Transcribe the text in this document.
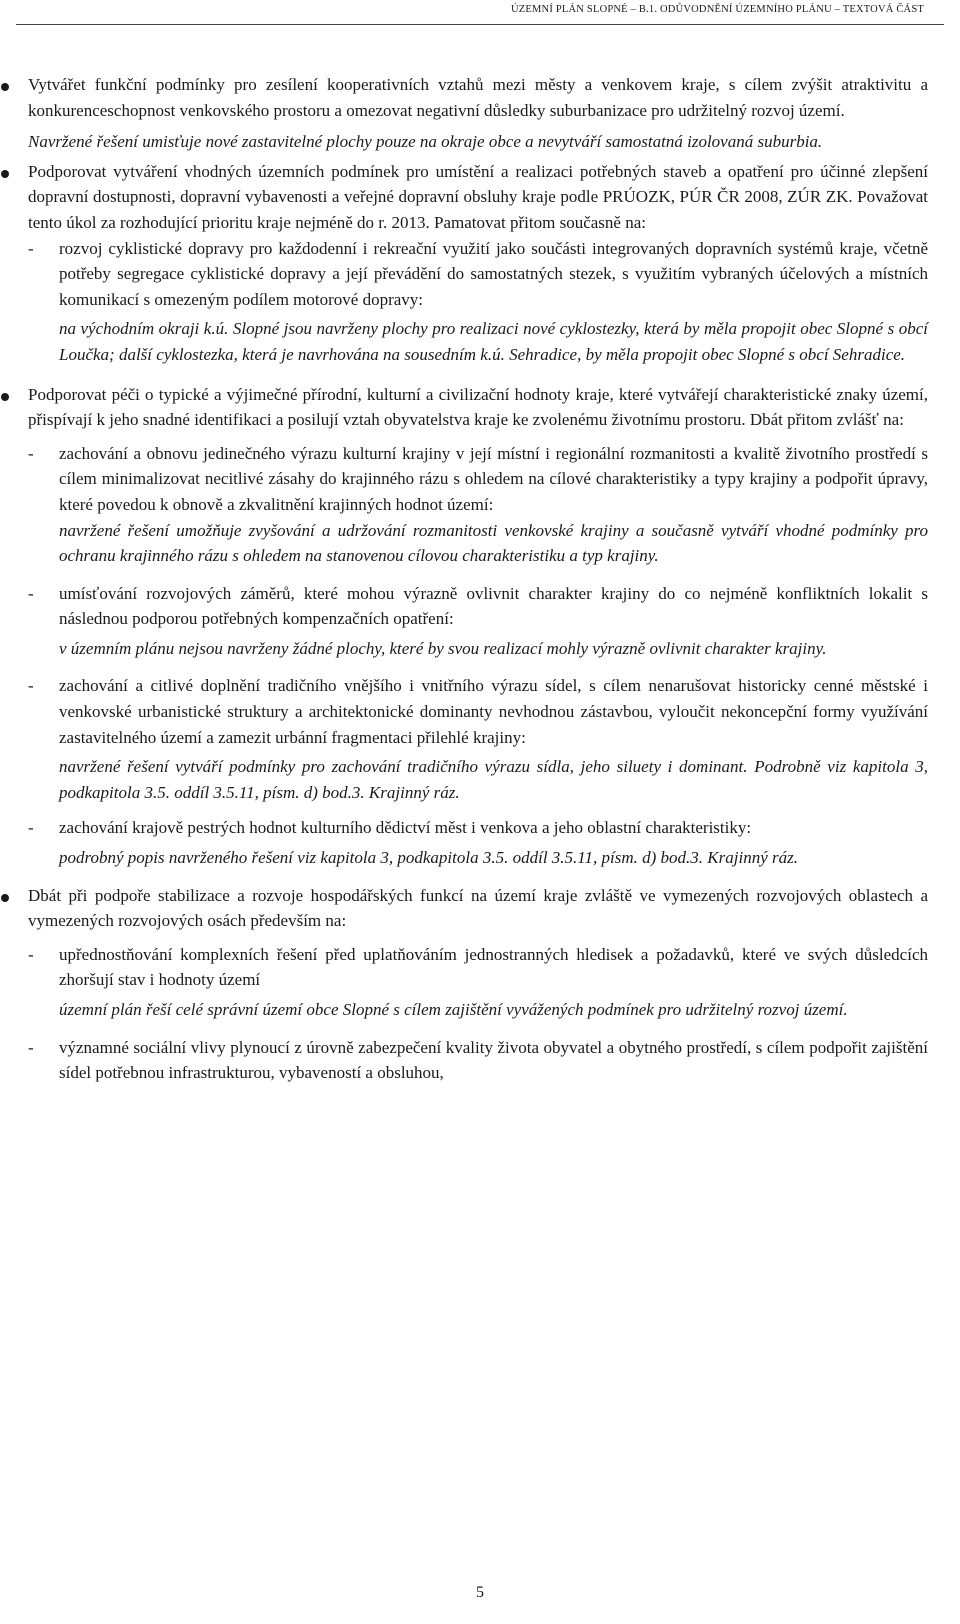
ÚZEMNÍ PLÁN SLOPNÉ – B.1. ODŮVODNĚNÍ ÚZEMNÍHO PLÁNU – TEXTOVÁ ČÁST

Vytvářet funkční podmínky pro zesílení kooperativních vztahů mezi městy a venkovem kraje, s cílem zvýšit atraktivitu a konkurenceschopnost venkovského prostoru a omezovat negativní důsledky suburbanizace pro udržitelný rozvoj území.

Navržené řešení umisťuje nové zastavitelné plochy pouze na okraje obce a nevytváří samostatná izolovaná suburbia.

Podporovat vytváření vhodných územních podmínek pro umístění a realizaci potřebných staveb a opatření pro účinné zlepšení dopravní dostupnosti, dopravní vybavenosti a veřejné dopravní obsluhy kraje podle PRÚOZK, PÚR ČR 2008, ZÚR ZK. Považovat tento úkol za rozhodující prioritu kraje nejméně do r. 2013. Pamatovat přitom současně na:

- rozvoj cyklistické dopravy pro každodenní i rekreační využití jako součásti integrovaných dopravních systémů kraje, včetně potřeby segregace cyklistické dopravy a její převádění do samostatných stezek, s využitím vybraných účelových a místních komunikací s omezeným podílem motorové dopravy:

na východním okraji k.ú. Slopné jsou navrženy plochy pro realizaci nové cyklostezky, která by měla propojit obec Slopné s obcí Loučka; další cyklostezka, která je navrhována na sousedním k.ú. Sehradice, by měla propojit obec Slopné s obcí Sehradice.

Podporovat péči o typické a výjimečné přírodní, kulturní a civilizační hodnoty kraje, které vytvářejí charakteristické znaky území, přispívají k jeho snadné identifikaci a posilují vztah obyvatelstva kraje ke zvolenému životnímu prostoru. Dbát přitom zvlášť na:

- zachování a obnovu jedinečného výrazu kulturní krajiny v její místní i regionální rozmanitosti a kvalitě životního prostředí s cílem minimalizovat necitlivé zásahy do krajinného rázu s ohledem na cílové charakteristiky a typy krajiny a podpořit úpravy, které povedou k obnově a zkvalitnění krajinných hodnot území:

navržené řešení umožňuje zvyšování a udržování rozmanitosti venkovské krajiny a současně vytváří vhodné podmínky pro ochranu krajinného rázu s ohledem na stanovenou cílovou charakteristiku a typ krajiny.

- umísťování rozvojových záměrů, které mohou výrazně ovlivnit charakter krajiny do co nejméně konfliktních lokalit s následnou podporou potřebných kompenzačních opatření:

v územním plánu nejsou navrženy žádné plochy, které by svou realizací mohly výrazně ovlivnit charakter krajiny.

- zachování a citlivé doplnění tradičního vnějšího i vnitřního výrazu sídel, s cílem nenarušovat historicky cenné městské i venkovské urbanistické struktury a architektonické dominanty nevhodnou zástavbou, vyloučit nekoncepční formy využívání zastavitelného území a zamezit urbánní fragmentaci přilehlé krajiny:

navržené řešení vytváří podmínky pro zachování tradičního výrazu sídla, jeho siluety i dominant. Podrobně viz kapitola 3, podkapitola 3.5. oddíl 3.5.11, písm. d) bod.3. Krajinný ráz.

- zachování krajově pestrých hodnot kulturního dědictví měst i venkova a jeho oblastní charakteristiky:

podrobný popis navrženého řešení viz kapitola 3, podkapitola 3.5. oddíl 3.5.11, písm. d) bod.3. Krajinný ráz.

Dbát při podpoře stabilizace a rozvoje hospodářských funkcí na území kraje zvláště ve vymezených rozvojových oblastech a vymezených rozvojových osách především na:

- upřednostňování komplexních řešení před uplatňováním jednostranných hledisek a požadavků, které ve svých důsledcích zhoršují stav i hodnoty území

územní plán řeší celé správní území obce Slopné s cílem zajištění vyvážených podmínek pro udržitelný rozvoj území.

- významné sociální vlivy plynoucí z úrovně zabezpečení kvality života obyvatel a obytného prostředí, s cílem podpořit zajištění sídel potřebnou infrastrukturou, vybaveností a obsluhou,

5
